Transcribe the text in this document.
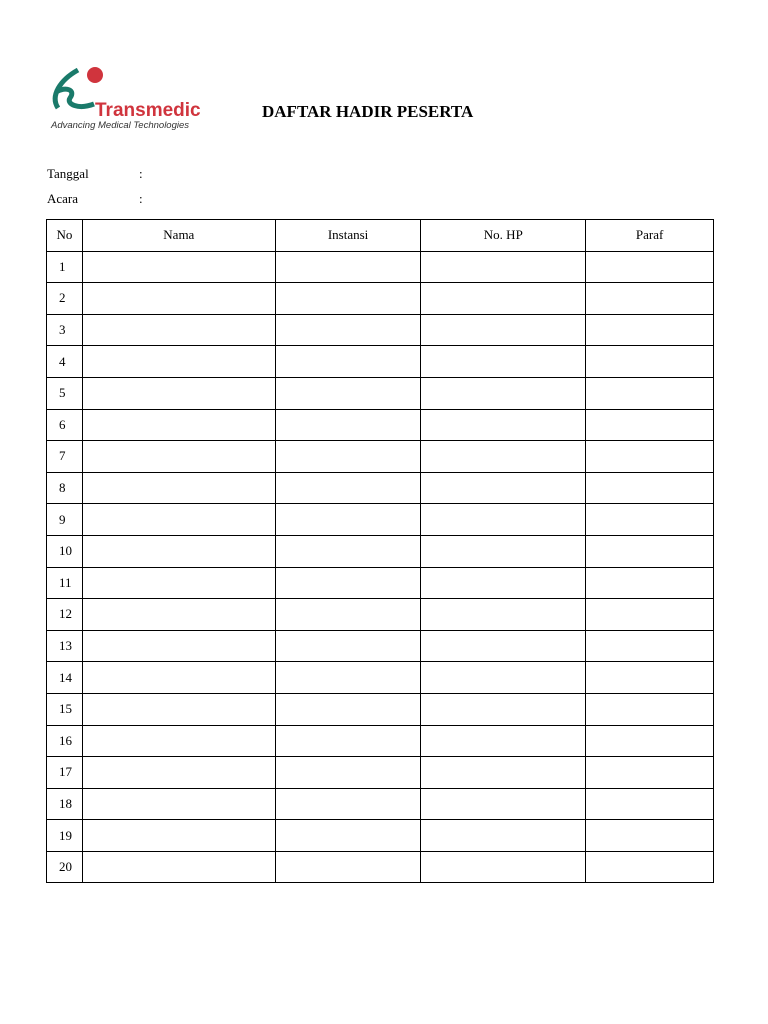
Transmedic
Advancing Medical Technologies
DAFTAR HADIR PESERTA
Tanggal	:
Acara	:
No	Nama	Instansi	No. HP	Paraf
1				
2				
3				
4				
5				
6				
7				
8				
9				
10				
11				
12				
13				
14				
15				
16				
17				
18				
19				
20				
